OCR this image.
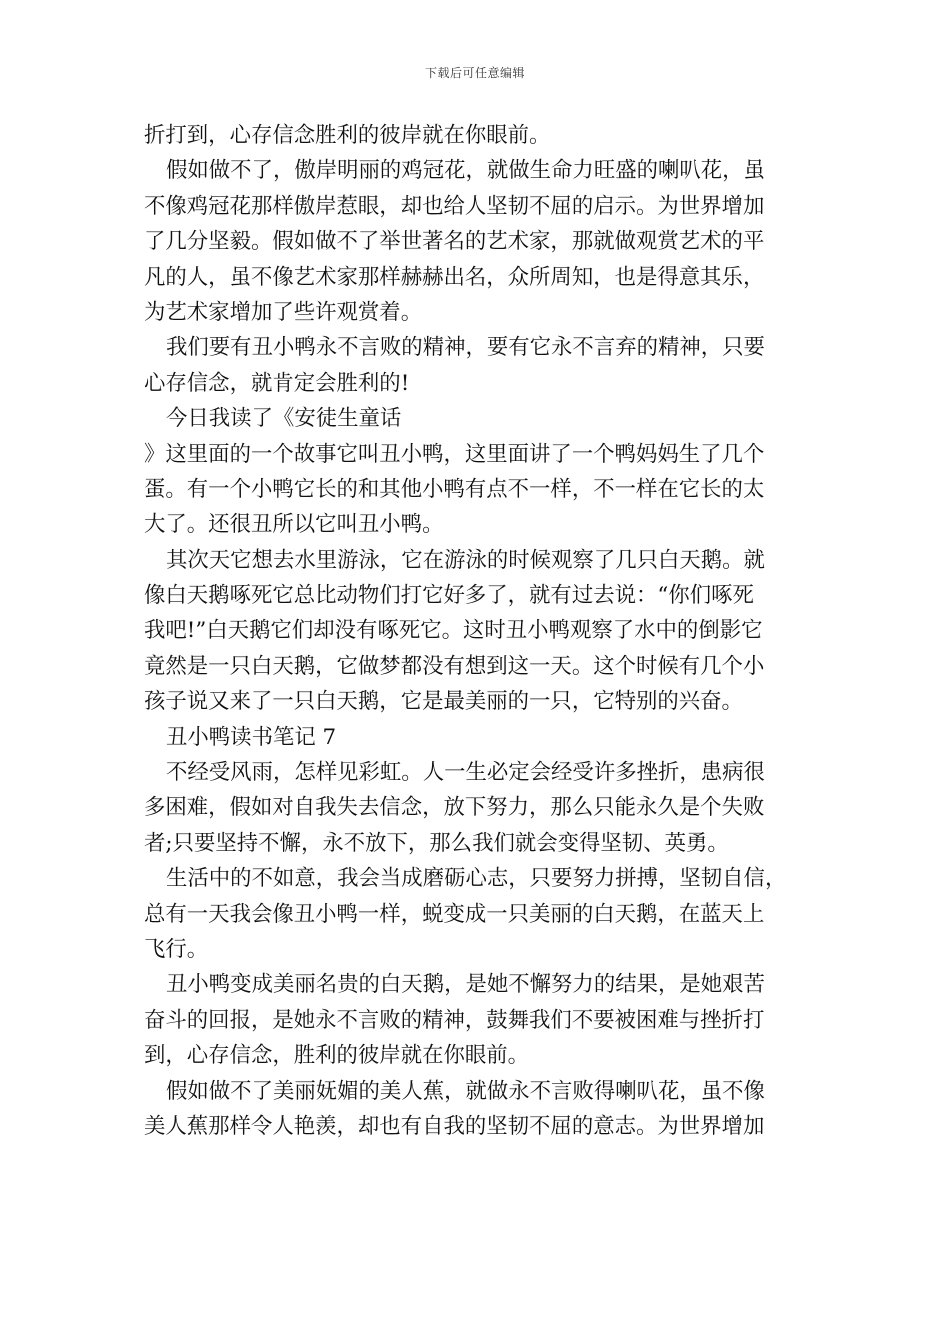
下载后可任意编辑
折打到，心存信念胜利的彼岸就在你眼前。
假如做不了，傲岸明丽的鸡冠花，就做生命力旺盛的喇叭花，虽
不像鸡冠花那样傲岸惹眼，却也给人坚韧不屈的启示。为世界增加
了几分坚毅。假如做不了举世著名的艺术家，那就做观赏艺术的平
凡的人，虽不像艺术家那样赫赫出名，众所周知，也是得意其乐，
为艺术家增加了些许观赏着。
我们要有丑小鸭永不言败的精神，要有它永不言弃的精神，只要
心存信念，就肯定会胜利的!
今日我读了《安徒生童话
》这里面的一个故事它叫丑小鸭，这里面讲了一个鸭妈妈生了几个
蛋。有一个小鸭它长的和其他小鸭有点不一样，不一样在它长的太
大了。还很丑所以它叫丑小鸭。
其次天它想去水里游泳，它在游泳的时候观察了几只白天鹅。就
像白天鹅啄死它总比动物们打它好多了，就有过去说：“你们啄死
我吧!”白天鹅它们却没有啄死它。这时丑小鸭观察了水中的倒影它
竟然是一只白天鹅，它做梦都没有想到这一天。这个时候有几个小
孩子说又来了一只白天鹅，它是最美丽的一只，它特别的兴奋。
丑小鸭读书笔记 7
不经受风雨，怎样见彩虹。人一生必定会经受许多挫折，患病很
多困难，假如对自我失去信念，放下努力，那么只能永久是个失败
者;只要坚持不懈，永不放下，那么我们就会变得坚韧、英勇。
生活中的不如意，我会当成磨砺心志，只要努力拼搏，坚韧自信，
总有一天我会像丑小鸭一样，蜕变成一只美丽的白天鹅，在蓝天上
飞行。
丑小鸭变成美丽名贵的白天鹅，是她不懈努力的结果，是她艰苦
奋斗的回报，是她永不言败的精神，鼓舞我们不要被困难与挫折打
到，心存信念，胜利的彼岸就在你眼前。
假如做不了美丽妩媚的美人蕉，就做永不言败得喇叭花，虽不像
美人蕉那样令人艳羡，却也有自我的坚韧不屈的意志。为世界增加
